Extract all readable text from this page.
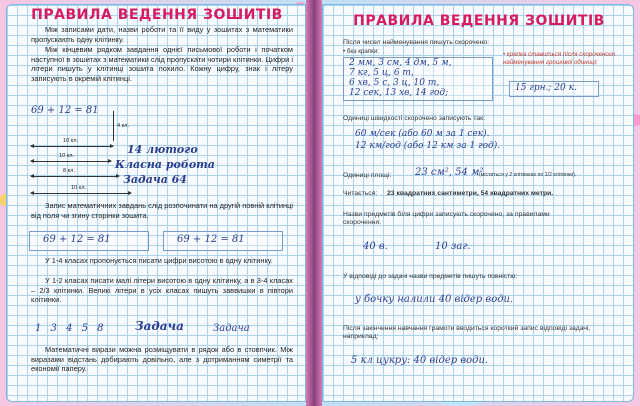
ПРАВИЛА ВЕДЕННЯ ЗОШИТІВ
Між записами дати, назви роботи та її виду у зошитах з математики пропускають одну клітинку.
Між кінцевим рядком завдання однієї письмової роботи і початком наступної в зошитах з математики слід пропускати чотири клітинки. Цифри і літери пишуть у клітинці зошита похило. Кожну цифру, знак і літеру записують в окремій клітинці.
69 + 12 = 81
4 кл.
10 кл.
14 лютого
10 кл.
Класна робота
8 кл.
Задача 64
10 кл.
Запис математичних завдань слід розпочинати на другій повній клітинці від поля чи згину сторінки зошита.
69 + 12 = 81	69 + 12 = 81
У 1-4 класах пропонується писати цифри висотою в одну клітинку.
У 1-2 класах писати малі літери висотою в одну клітинку, а в 3-4 класах – 2/3 клітинки. Великі літери в усіх класах пишуть заввишки в півтори клітинки.
1 3 4 5 8 Задача	Задача
Математичні вирази можна розміщувати в рядок або в стовпчик. Між виразами відстань добирають довільно, але з дотриманням симетрії та економії паперу.
ПРАВИЛА ВЕДЕННЯ ЗОШИТІВ
Після чисел найменування пишуть скорочено:
• без крапки:	• крапка ставиться після скороченого найменування грошової одиниці:
2 мм, 3 см, 4 дм, 5 м,
7 кг, 5 ц, 6 т,
6 хв, 5 с, 3 ц, 10 т,
12 сек, 13 хв, 14 год;	15 грн.; 20 к.
Одиниці швидкості скорочено записують так:
60 м/сек (або 60 м за 1 сек).
12 км/год (або 12 км за 1 год).
Одиниці площі: 23 см², 54 м²
(міститься у 2 клітинках по 1/2 клітинки).
Читається: 23 квадратних сантиметри, 54 квадратних метри.
Назви предметів біля цифри записують скорочено, за правилами скорочення:
40 в.	10 заг.
У відповіді до задачі назви предметів пишуть повністю:
у бочку налили 40 відер води.
Після закінчення навчання грамоти вводиться короткий запис відповіді задачі, наприклад:
5 кл цукру: 40 відер води.
